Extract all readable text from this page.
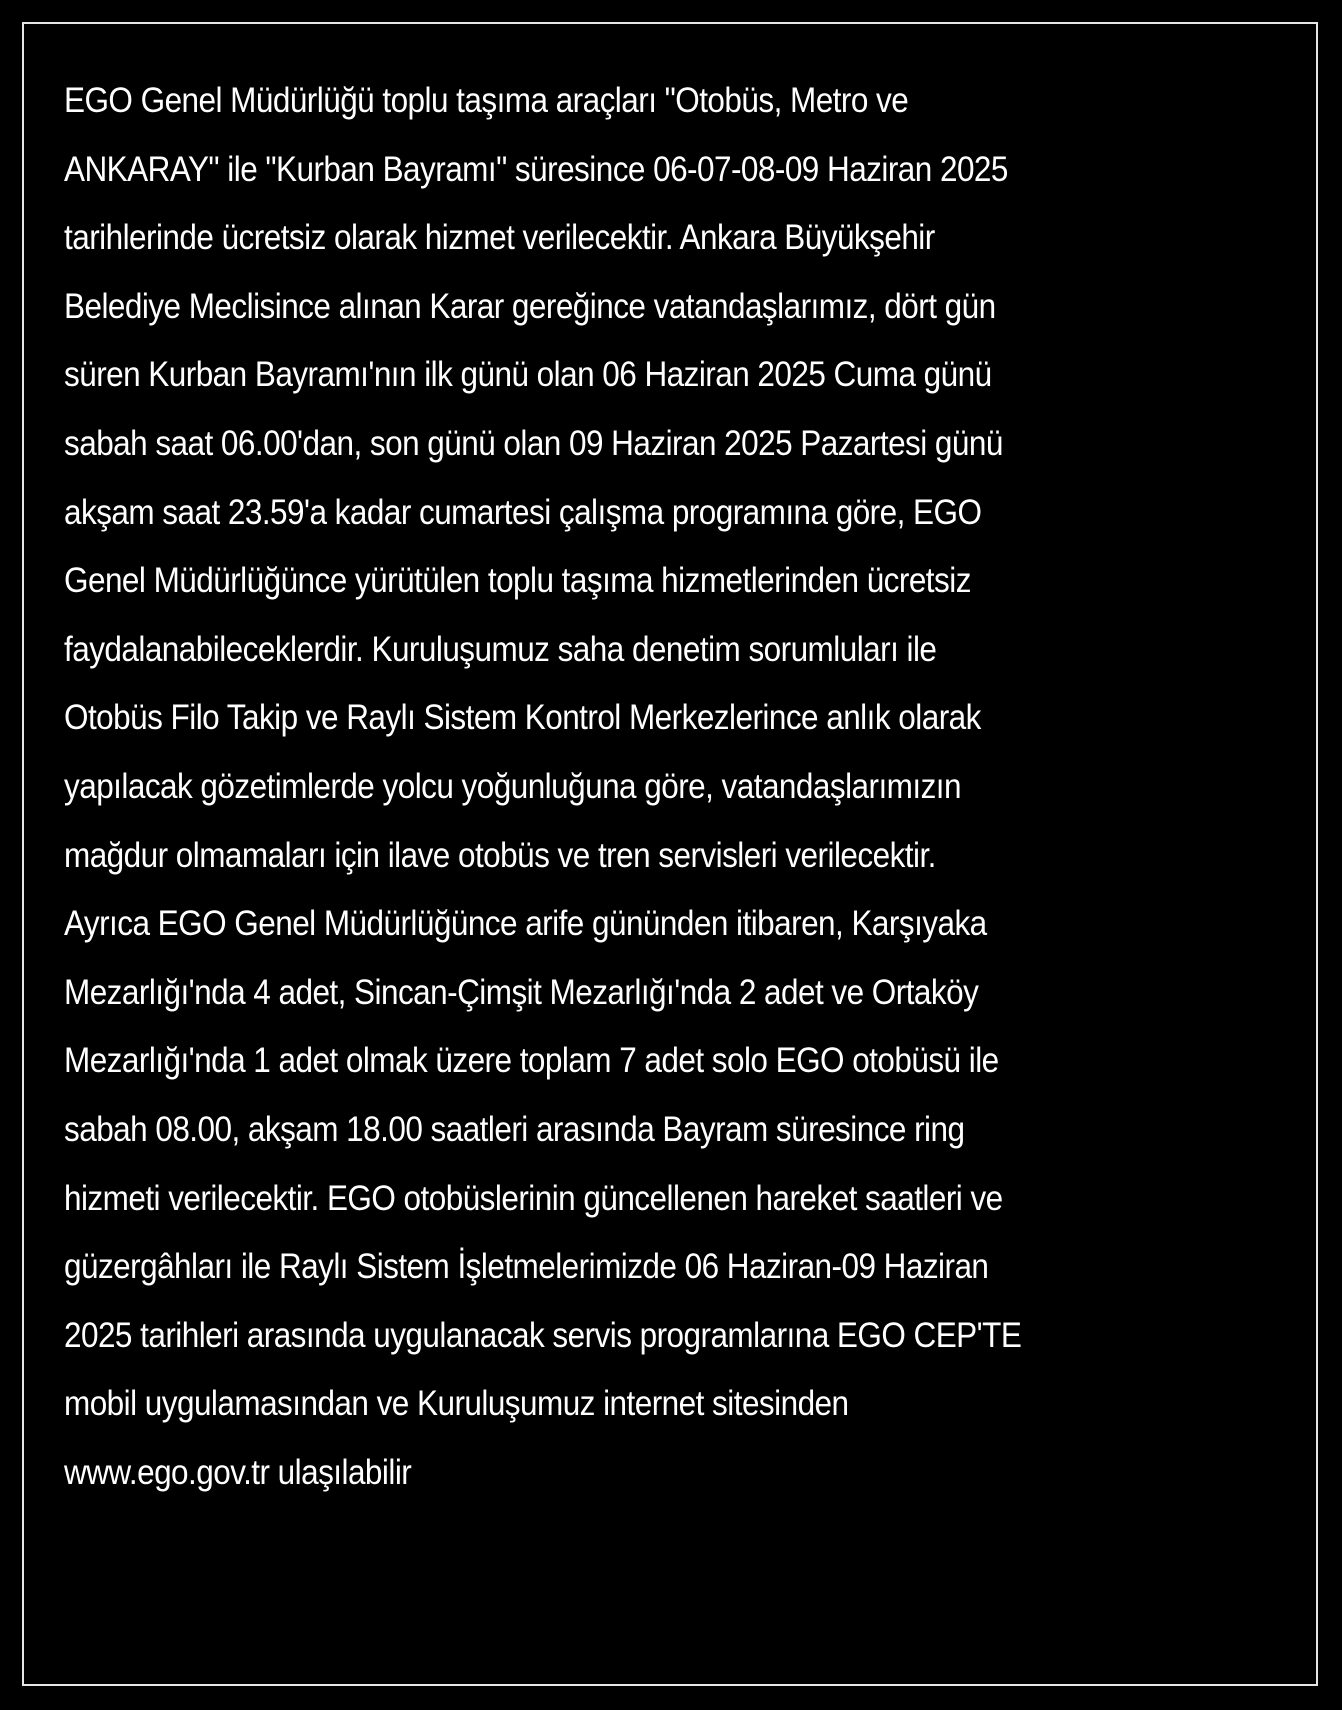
EGO Genel Müdürlüğü toplu taşıma araçları "Otobüs, Metro ve
ANKARAY" ile "Kurban Bayramı" süresince 06-07-08-09 Haziran 2025
tarihlerinde ücretsiz olarak hizmet verilecektir. Ankara Büyükşehir
Belediye Meclisince alınan Karar gereğince vatandaşlarımız, dört gün
süren Kurban Bayramı'nın ilk günü olan 06 Haziran 2025 Cuma günü
sabah saat 06.00'dan, son günü olan 09 Haziran 2025 Pazartesi günü
akşam saat 23.59'a kadar cumartesi çalışma programına göre, EGO
Genel Müdürlüğünce yürütülen toplu taşıma hizmetlerinden ücretsiz
faydalanabileceklerdir. Kuruluşumuz saha denetim sorumluları ile
Otobüs Filo Takip ve Raylı Sistem Kontrol Merkezlerince anlık olarak
yapılacak gözetimlerde yolcu yoğunluğuna göre, vatandaşlarımızın
mağdur olmamaları için ilave otobüs ve tren servisleri verilecektir.
Ayrıca EGO Genel Müdürlüğünce arife gününden itibaren, Karşıyaka
Mezarlığı'nda 4 adet, Sincan-Çimşit Mezarlığı'nda 2 adet ve Ortaköy
Mezarlığı'nda 1 adet olmak üzere toplam 7 adet solo EGO otobüsü ile
sabah 08.00, akşam 18.00 saatleri arasında Bayram süresince ring
hizmeti verilecektir. EGO otobüslerinin güncellenen hareket saatleri ve
güzergâhları ile Raylı Sistem İşletmelerimizde 06 Haziran-09 Haziran
2025 tarihleri arasında uygulanacak servis programlarına EGO CEP'TE
mobil uygulamasından ve Kuruluşumuz internet sitesinden
www.ego.gov.tr ulaşılabilir
